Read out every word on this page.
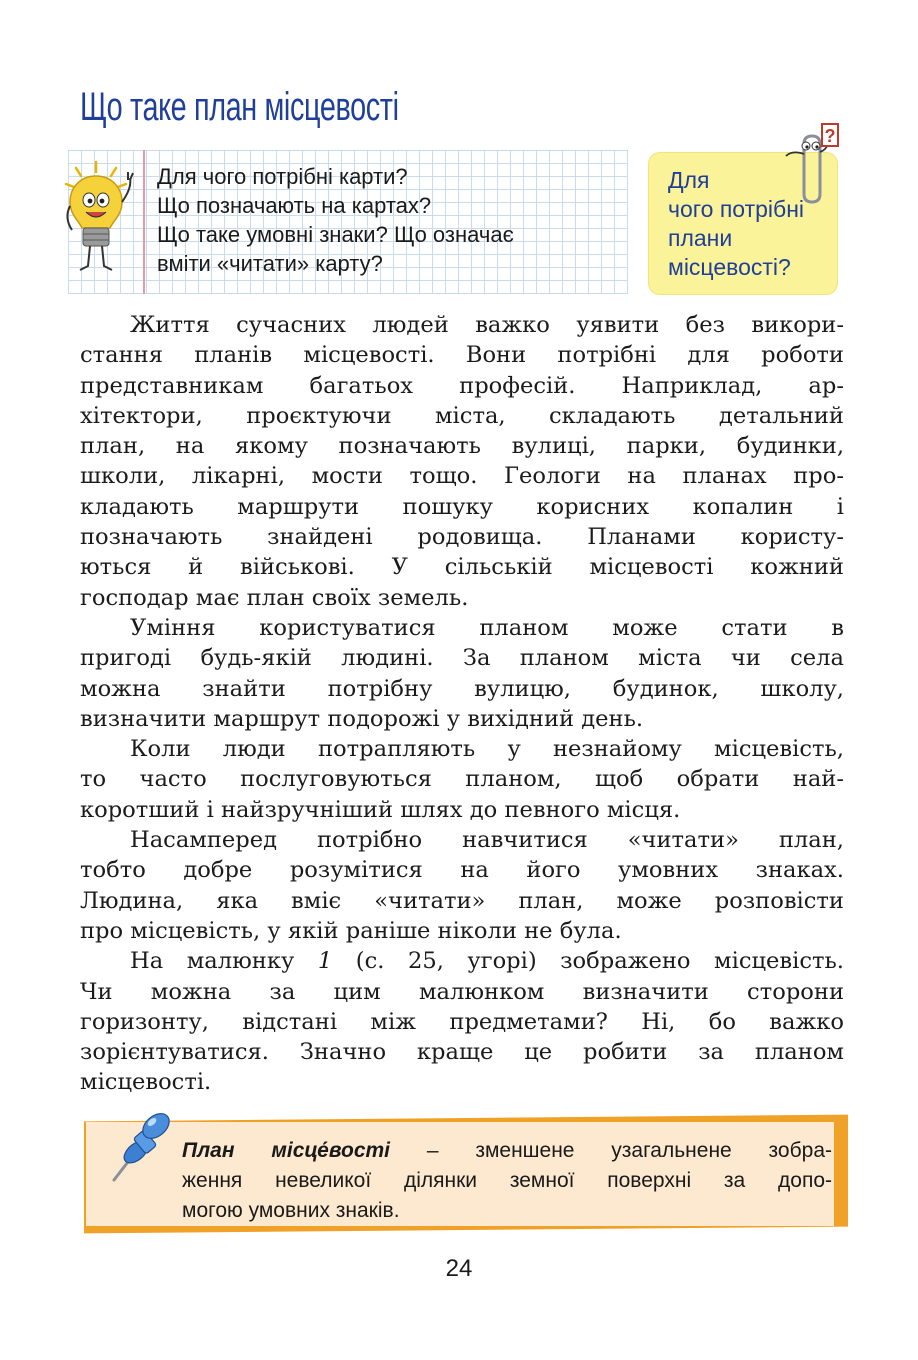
Що таке план місцевості
Для чого потрібні карти?
Що позначають на картах?
Що таке умовні знаки? Що означає
вміти «читати» карту?
Для
чого потрібні
плани
місцевості?
?
Життя сучасних людей важко уявити без викори-
стання планів місцевості. Вони потрібні для роботи
представникам багатьох професій. Наприклад, ар-
хітектори, проєктуючи міста, складають детальний
план, на якому позначають вулиці, парки, будинки,
школи, лікарні, мости тощо. Геологи на планах про-
кладають маршрути пошуку корисних копалин і
позначають знайдені родовища. Планами користу-
ються й військові. У сільській місцевості кожний
господар має план своїх земель.
Уміння користуватися планом може стати в
пригоді будь-якій людині. За планом міста чи села
можна знайти потрібну вулицю, будинок, школу,
визначити маршрут подорожі у вихідний день.
Коли люди потрапляють у незнайому місцевість,
то часто послуговуються планом, щоб обрати най-
коротший і найзручніший шлях до певного місця.
Насамперед потрібно навчитися «читати» план,
тобто добре розумітися на його умовних знаках.
Людина, яка вміє «читати» план, може розповісти
про місцевість, у якій раніше ніколи не була.
На малюнку 1 (с. 25, угорі) зображено місцевість.
Чи можна за цим малюнком визначити сторони
горизонту, відстані між предметами? Ні, бо важко
зорієнтуватися. Значно краще це робити за планом
місцевості.
План місце́вості – зменшене узагальнене зобра-
ження невеликої ділянки земної поверхні за допо-
могою умовних знаків.
24
